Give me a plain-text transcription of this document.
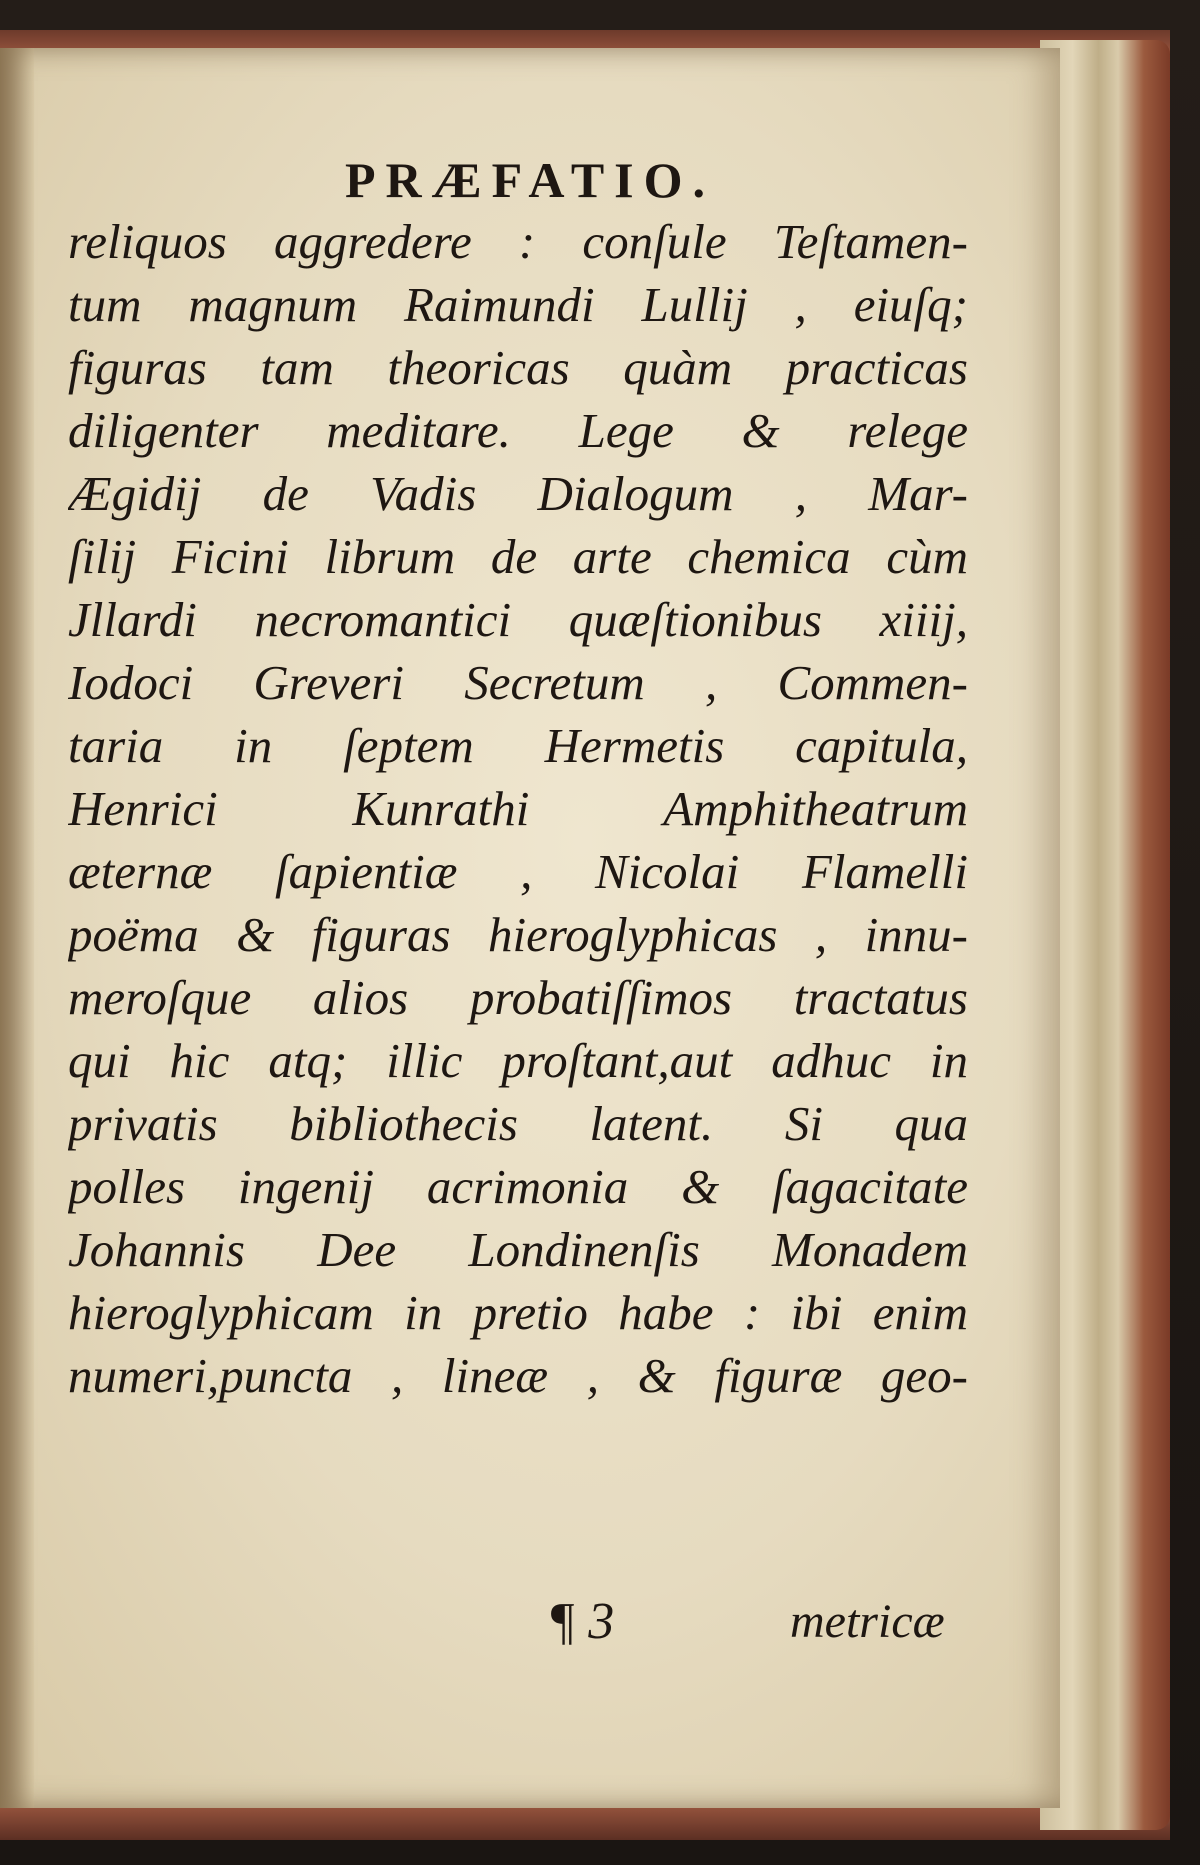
PRÆFATIO.
reliquos aggredere : conſule Teſtamen-
tum magnum Raimundi Lullij , eiuſq;
figuras tam theoricas quàm practicas
diligenter meditare. Lege & relege
Ægidij de Vadis Dialogum , Mar-
ſilij Ficini librum de arte chemica cùm
Jllardi necromantici quæſtionibus xiiij,
Iodoci Greveri Secretum , Commen-
taria in ſeptem Hermetis capitula,
Henrici Kunrathi Amphitheatrum
æternæ ſapientiæ , Nicolai Flamelli
poëma & figuras hieroglyphicas , innu-
meroſque alios probatiſſimos tractatus
qui hic atq; illic proſtant,aut adhuc in
privatis bibliothecis latent. Si qua
polles ingenij acrimonia & ſagacitate
Johannis Dee Londinenſis Monadem
hieroglyphicam in pretio habe : ibi enim
numeri,puncta , lineæ , & figuræ geo-
¶ 3	metricæ
